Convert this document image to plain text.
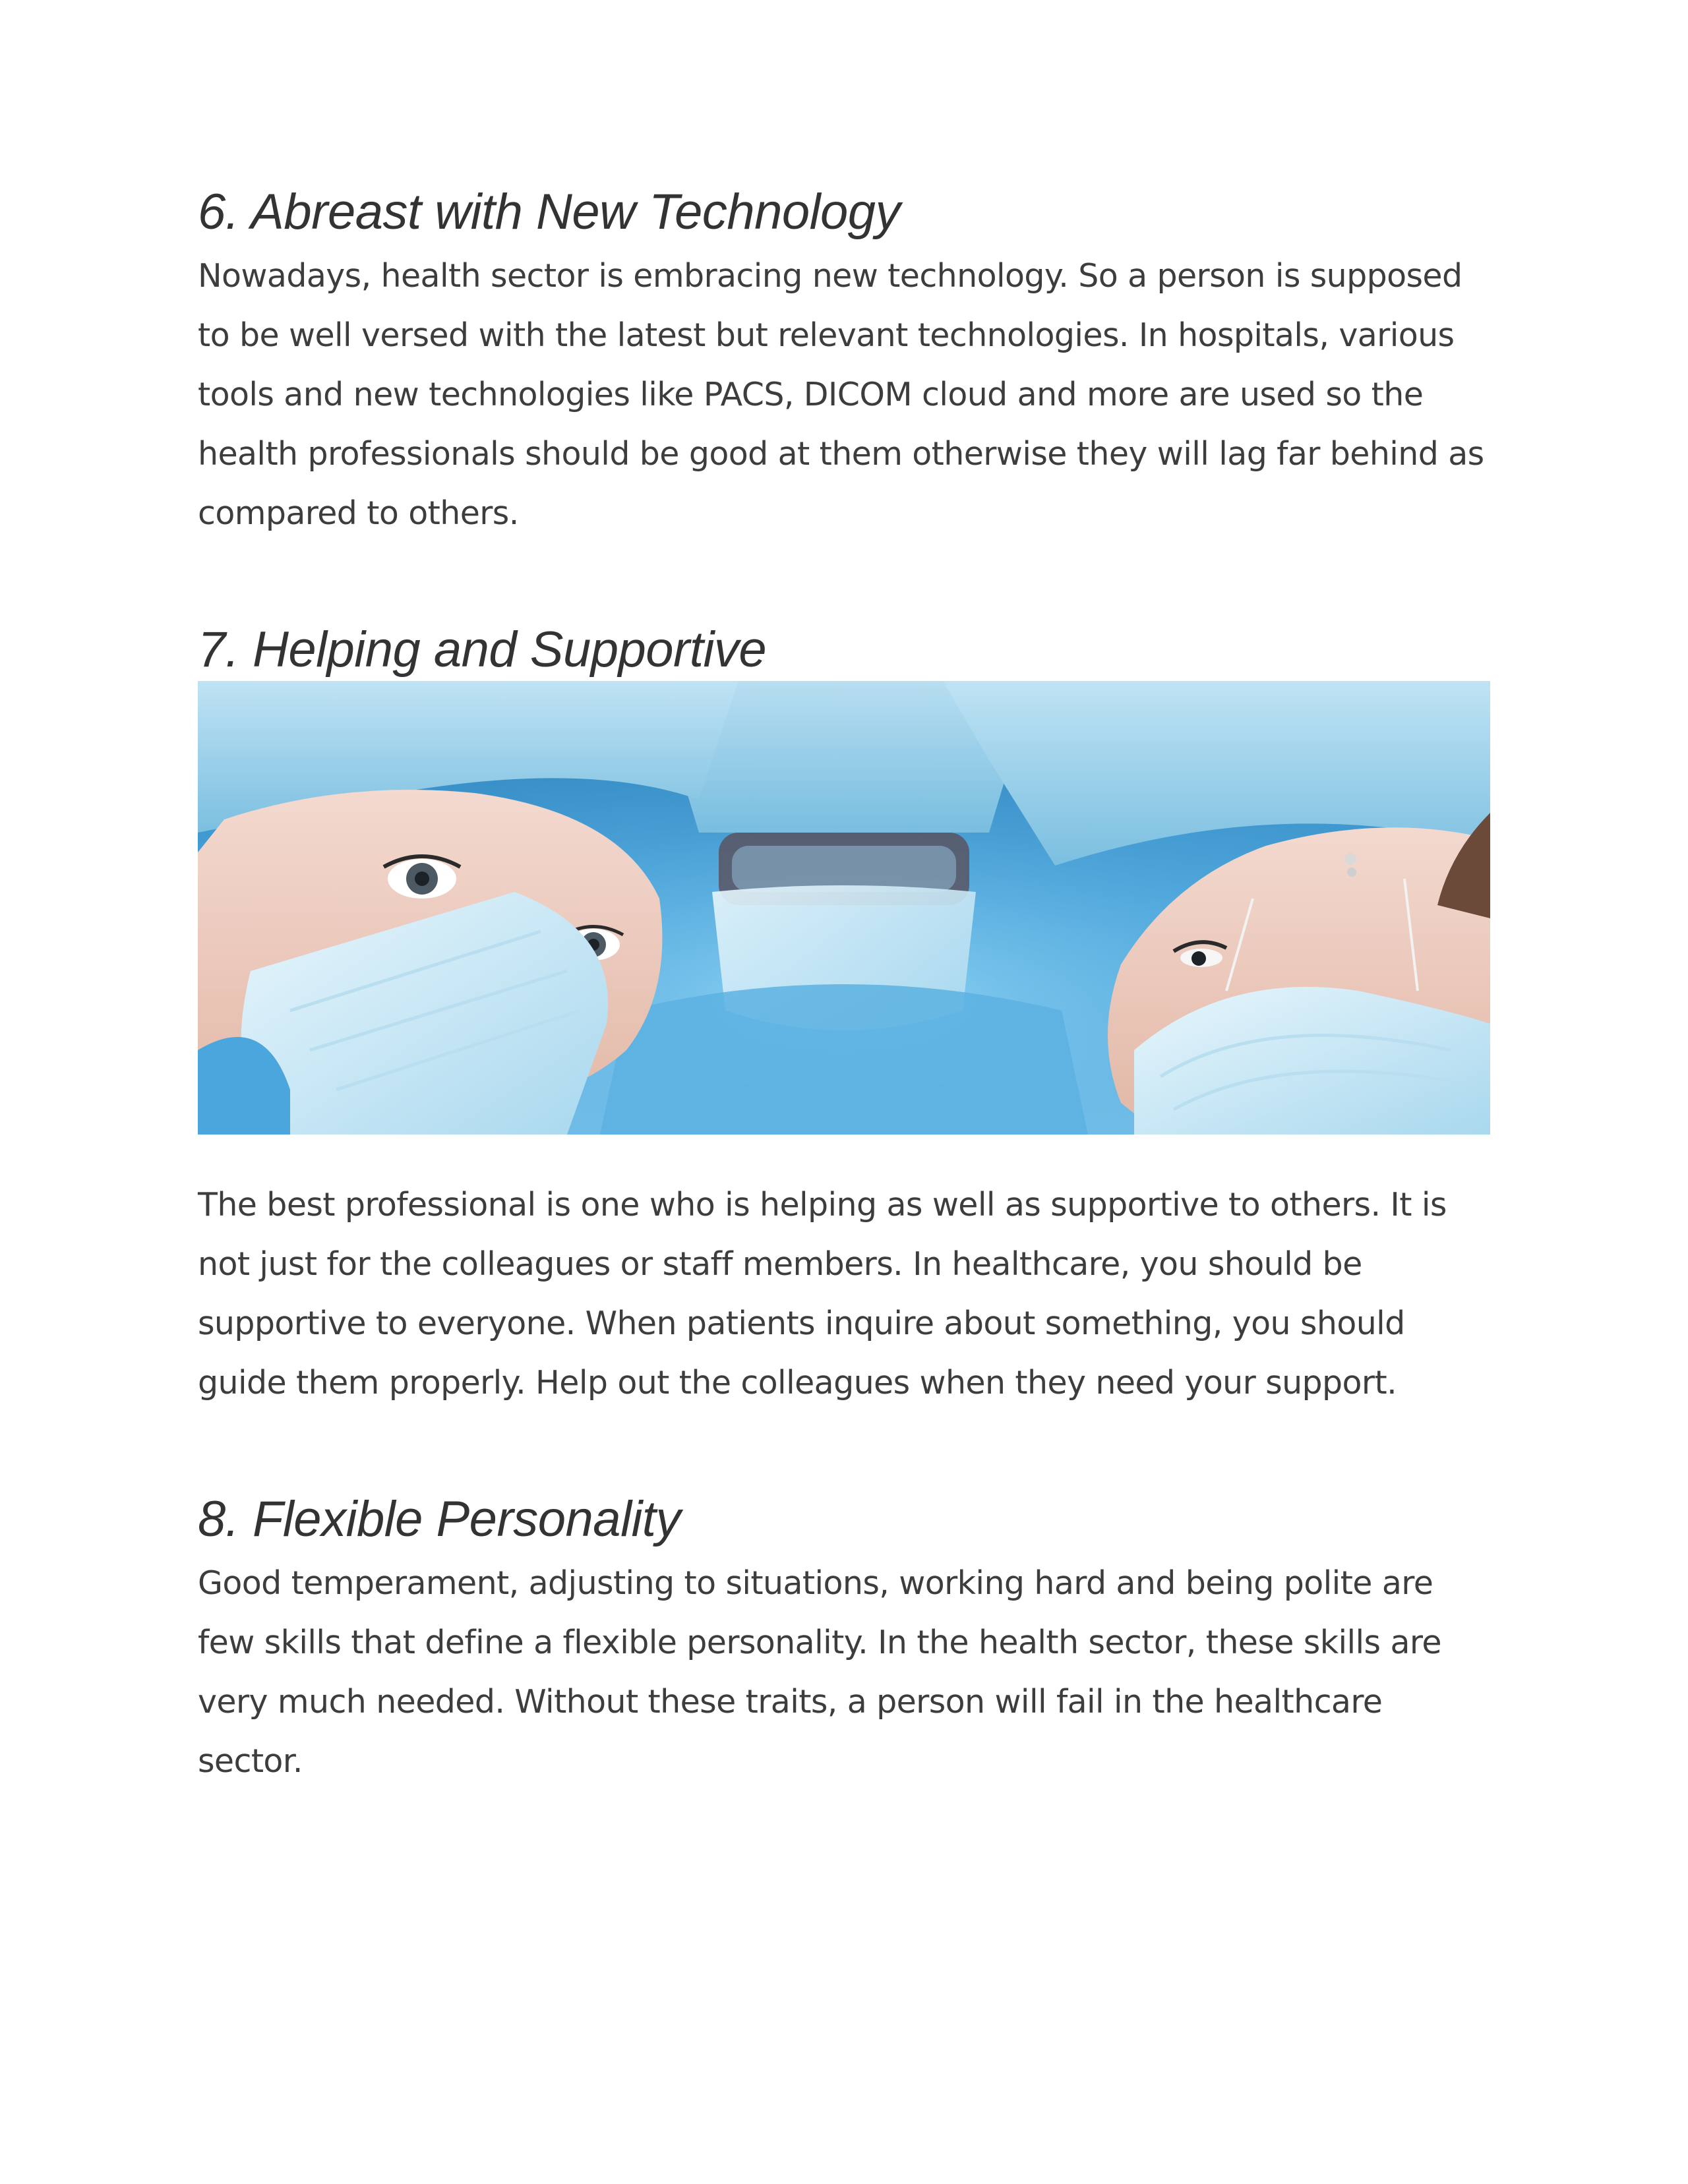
6. Abreast with New Technology

Nowadays, health sector is embracing new technology. So a person is supposed to be well versed with the latest but relevant technologies. In hospitals, various tools and new technologies like PACS, DICOM cloud and more are used so the health professionals should be good at them otherwise they will lag far behind as compared to others.

7. Helping and Supportive

The best professional is one who is helping as well as supportive to others. It is not just for the colleagues or staff members. In healthcare, you should be supportive to everyone. When patients inquire about something, you should guide them properly. Help out the colleagues when they need your support.

8. Flexible Personality

Good temperament, adjusting to situations, working hard and being polite are few skills that define a flexible personality. In the health sector, these skills are very much needed. Without these traits, a person will fail in the healthcare sector.
